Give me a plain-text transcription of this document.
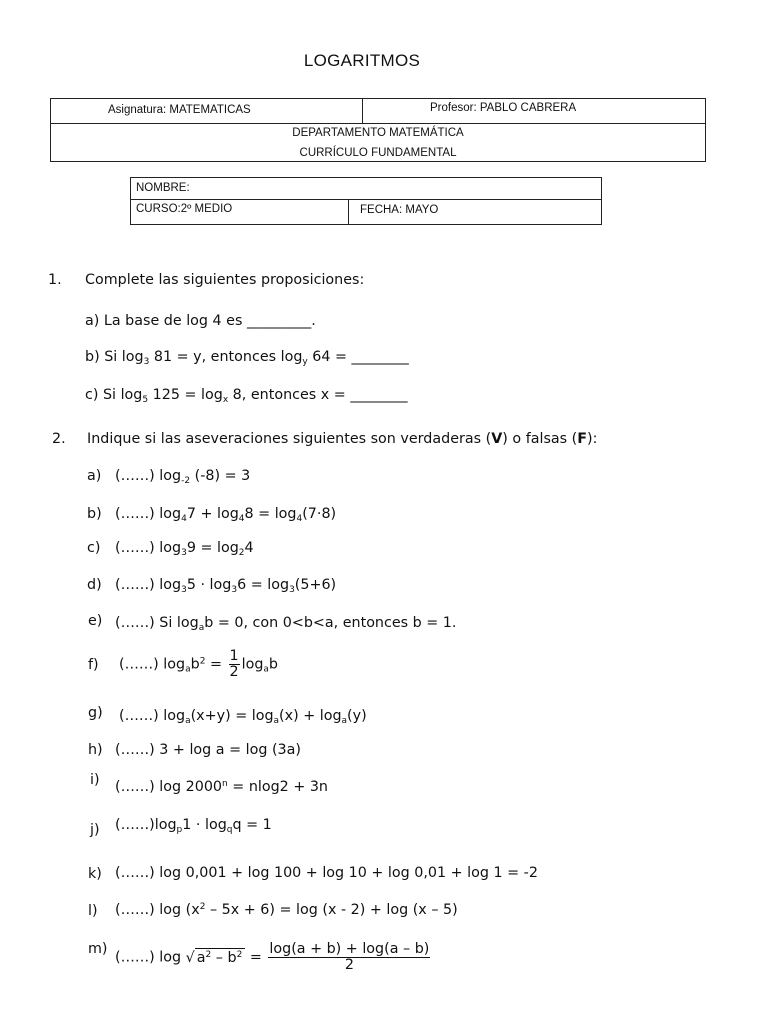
LOGARITMOS
Asignatura: MATEMATICAS	Profesor: PABLO CABRERA
DEPARTAMENTO MATEMÁTICA
CURRÍCULO FUNDAMENTAL
NOMBRE:
CURSO:2º MEDIO	FECHA: MAYO
1. Complete las siguientes proposiciones:
a) La base de log 4 es _________.
b) Si $\log_3 81 = y$, entonces $\log_y 64$ = ________
c) Si $\log_5 125 = \log_x 8$, entonces x = ________
2. Indique si las aseveraciones siguientes son verdaderas (V) o falsas (F):
a) (……) $\log_{-2} (-8) = 3$
b) (……) $\log_47 + \log_48 = \log_4(7\cdot 8)$
c) (……) $\log_39 = \log_24$
d) (……) $\log_35 \cdot \log_36 = \log_3(5+6)$
e) (……) Si $\log_ab = 0$, con 0<b<a, entonces b = 1.
f) (……) $\log_ab^2 = \frac{1}{2} \log_ab$
g) (……) $\log_a(x+y) = \log_a(x) + \log_a(y)$
h) (……) 3 + log a = log (3a)
i) (……) $\log 2000^n = nlog2 + 3n$
j) $(\dots\dots)\log_p1 \cdot \log_qq = 1$
k) (……) log 0,001 + log 100 + log 10 + log 0,01 + log 1 = -2
l) (……) $\log (x^2 - 5x + 6) = \log (x - 2) + \log (x - 5)$
m)
(……) log √ $a^2 - b^2 = \frac{\log(a + b) + \log(a - b)}{2}$
